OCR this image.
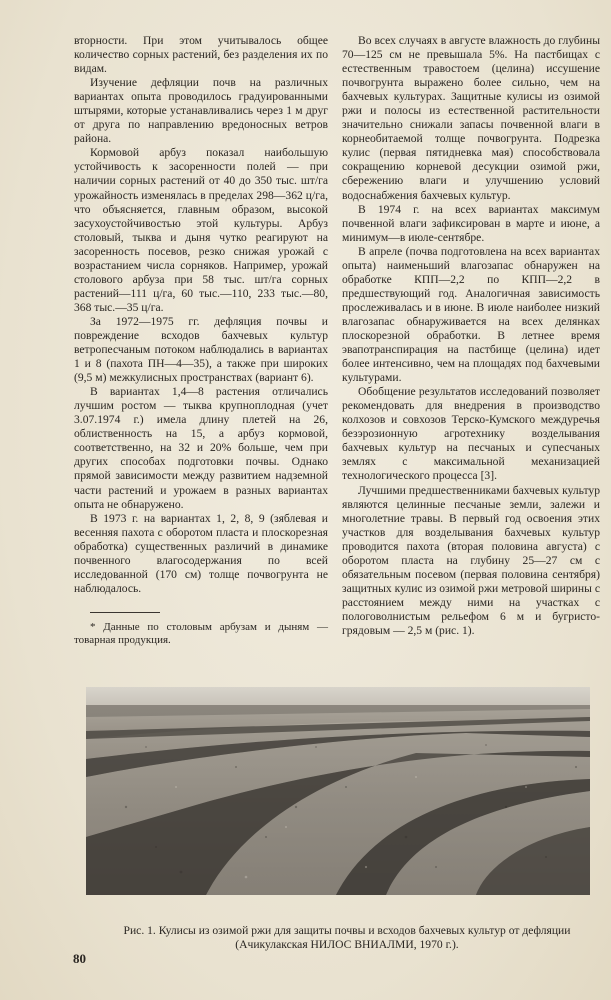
вторности. При этом учитывалось общее количество сорных растений, без разделения их по видам.

Изучение дефляции почв на различных вариантах опыта проводилось градуированными штырями, которые устанавливались через 1 м друг от друга по направлению вредоносных ветров района.

Кормовой арбуз показал наибольшую устойчивость к засоренности полей — при наличии сорных растений от 40 до 350 тыс. шт/га урожайность изменялась в пределах 298—362 ц/га, что объясняется, главным образом, высокой засухоустойчивостью этой культуры. Арбуз столовый, тыква и дыня чутко реагируют на засоренность посевов, резко снижая урожай с возрастанием числа сорняков. Например, урожай столового арбуза при 58 тыс. шт/га сорных растений—111 ц/га, 60 тыс.—110, 233 тыс.—80, 368 тыс.—35 ц/га.

За 1972—1975 гг. дефляция почвы и повреждение всходов бахчевых культур ветропесчаным потоком наблюдались в вариантах 1 и 8 (пахота ПН—4—35), а также при широких (9,5 м) межкулисных пространствах (вариант 6).

В вариантах 1,4—8 растения отличались лучшим ростом — тыква крупноплодная (учет 3.07.1974 г.) имела длину плетей на 26, облиственность на 15, а арбуз кормовой, соответственно, на 32 и 20% больше, чем при других способах подготовки почвы. Однако прямой зависимости между развитием надземной части растений и урожаем в разных вариантах опыта не обнаружено.

В 1973 г. на вариантах 1, 2, 8, 9 (зяблевая и весенняя пахота с оборотом пласта и плоскорезная обработка) существенных различий в динамике почвенного влагосодержания по всей исследованной (170 см) толще почвогрунта не наблюдалось.

* Данные по столовым арбузам и дыням — товарная продукция.

Во всех случаях в августе влажность до глубины 70—125 см не превышала 5%. На пастбищах с естественным травостоем (целина) иссушение почвогрунта выражено более сильно, чем на бахчевых культурах. Защитные кулисы из озимой ржи и полосы из естественной растительности значительно снижали запасы почвенной влаги в корнеобитаемой толще почвогрунта. Подрезка кулис (первая пятидневка мая) способствовала сокращению корневой десукции озимой ржи, сбережению влаги и улучшению условий водоснабжения бахчевых культур.

В 1974 г. на всех вариантах максимум почвенной влаги зафиксирован в марте и июне, а минимум—в июле-сентябре.

В апреле (почва подготовлена на всех вариантах опыта) наименьший влагозапас обнаружен на обработке КПП—2,2 по КПП—2,2 в предшествующий год. Аналогичная зависимость прослеживалась и в июне. В июле наиболее низкий влагозапас обнаруживается на всех делянках плоскорезной обработки. В летнее время эвапотранспирация на пастбище (целина) идет более интенсивно, чем на площадях под бахчевыми культурами.

Обобщение результатов исследований позволяет рекомендовать для внедрения в производство колхозов и совхозов Терско-Кумского междуречья безэрозионную агротехнику возделывания бахчевых культур на песчаных и супесчаных землях с максимальной механизацией технологического процесса [3].

Лучшими предшественниками бахчевых культур являются целинные песчаные земли, залежи и многолетние травы. В первый год освоения этих участков для возделывания бахчевых культур проводится пахота (вторая половина августа) с оборотом пласта на глубину 25—27 см с обязательным посевом (первая половина сентября) защитных кулис из озимой ржи метровой ширины с расстоянием между ними на участках с пологоволнистым рельефом 6 м и бугристо-грядовым — 2,5 м (рис. 1).

Рис. 1. Кулисы из озимой ржи для защиты почвы и всходов бахчевых культур от дефляции (Ачикулакская НИЛОС ВНИАЛМИ, 1970 г.).

80
